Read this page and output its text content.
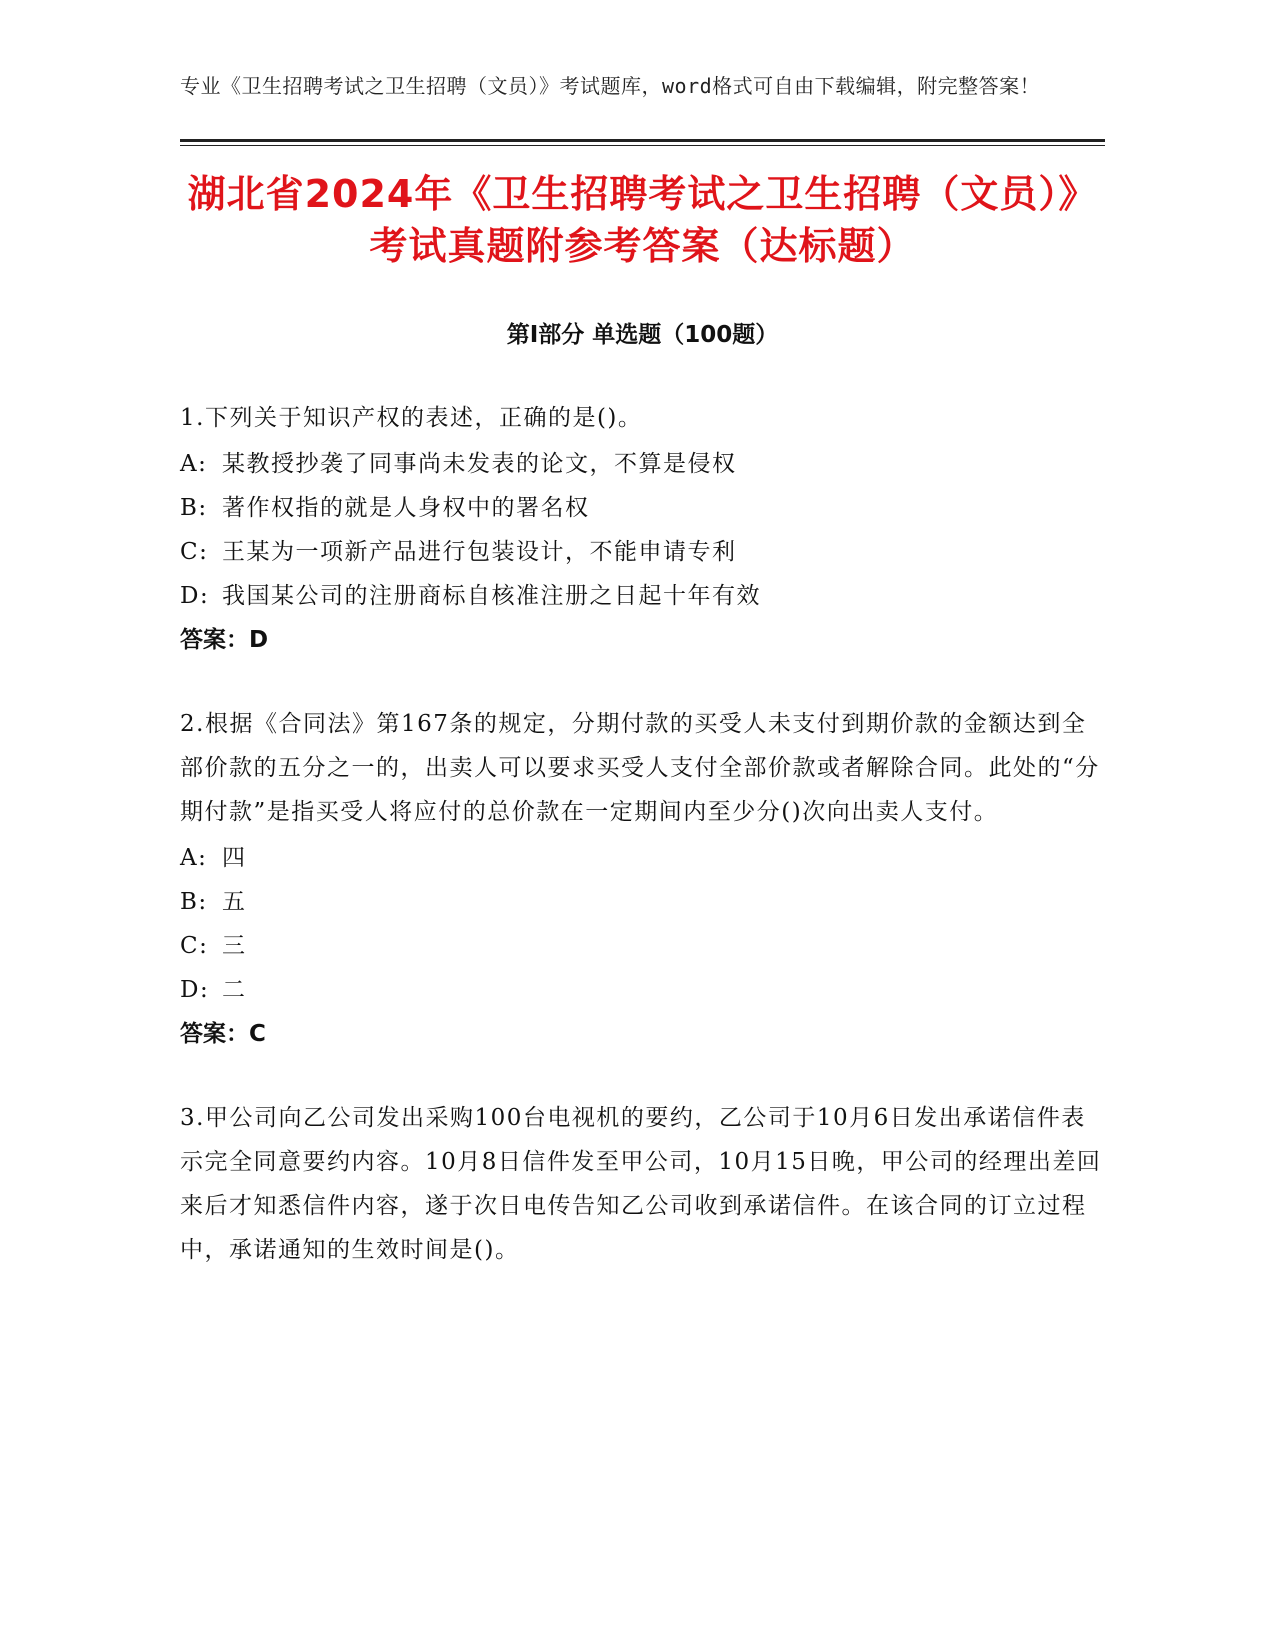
专业《卫生招聘考试之卫生招聘（文员）》考试题库，word格式可自由下载编辑，附完整答案！
湖北省2024年《卫生招聘考试之卫生招聘（文员）》考试真题附参考答案（达标题）
第I部分 单选题（100题）
1.下列关于知识产权的表述，正确的是()。
A: 某教授抄袭了同事尚未发表的论文，不算是侵权
B: 著作权指的就是人身权中的署名权
C: 王某为一项新产品进行包装设计，不能申请专利
D: 我国某公司的注册商标自核准注册之日起十年有效
答案：D
2.根据《合同法》第167条的规定，分期付款的买受人未支付到期价款的金额达到全部价款的五分之一的，出卖人可以要求买受人支付全部价款或者解除合同。此处的“分期付款”是指买受人将应付的总价款在一定期间内至少分()次向出卖人支付。
A: 四
B: 五
C: 三
D: 二
答案：C
3.甲公司向乙公司发出采购100台电视机的要约，乙公司于10月6日发出承诺信件表示完全同意要约内容。10月8日信件发至甲公司，10月15日晚，甲公司的经理出差回来后才知悉信件内容，遂于次日电传告知乙公司收到承诺信件。在该合同的订立过程中，承诺通知的生效时间是()。
